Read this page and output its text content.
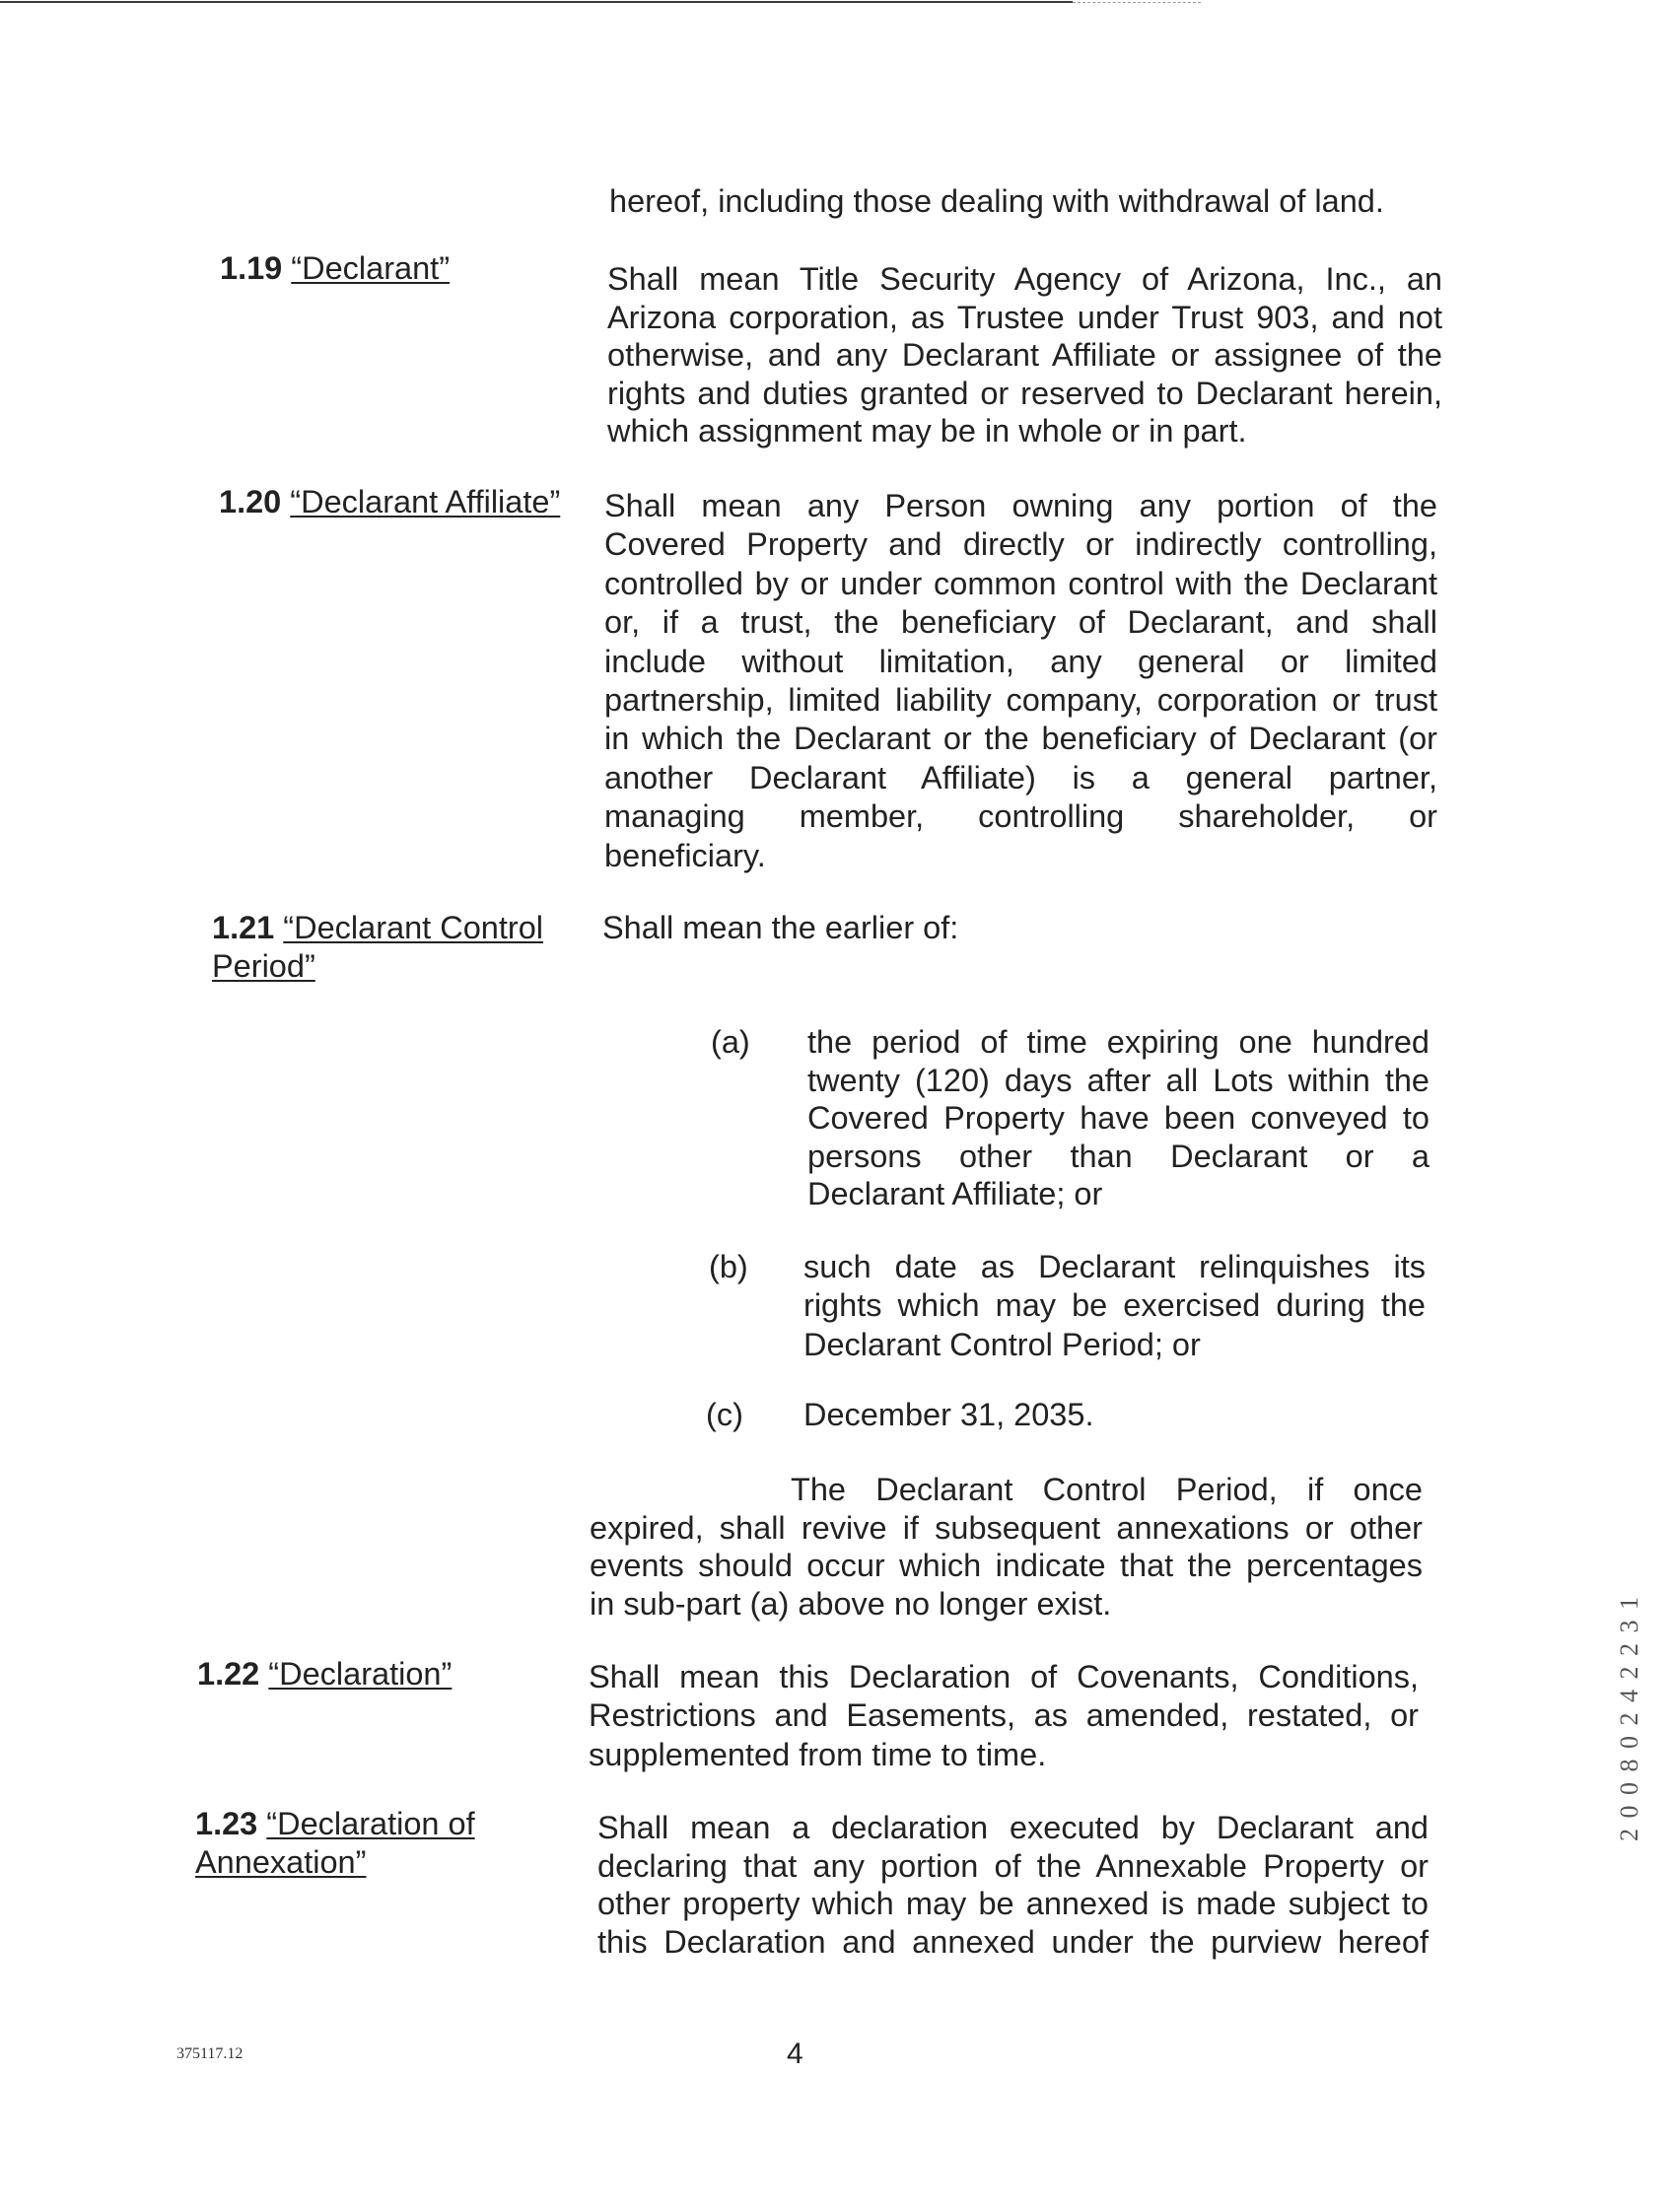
hereof, including those dealing with withdrawal of land.
1.19 “Declarant”	Shall mean Title Security Agency of Arizona, Inc., an
Arizona corporation, as Trustee under Trust 903, and not
otherwise, and any Declarant Affiliate or assignee of the
rights and duties granted or reserved to Declarant herein,
which assignment may be in whole or in part.
1.20 “Declarant Affiliate” Shall mean any Person owning any portion of the
Covered Property and directly or indirectly controlling,
controlled by or under common control with the Declarant
or, if a trust, the beneficiary of Declarant, and shall
include without limitation, any general or limited
partnership, limited liability company, corporation or trust
in which the Declarant or the beneficiary of Declarant (or
another Declarant Affiliate) is a general partner,
managing member, controlling shareholder, or
beneficiary.
1.21 “Declarant Control
Period”
Shall mean the earlier of:
(a) the period of time expiring one hundred
twenty (120) days after all Lots within the
Covered Property have been conveyed to
persons other than Declarant or a
Declarant Affiliate; or
(b) such date as Declarant relinquishes its
rights which may be exercised during the
Declarant Control Period; or
(c) December 31, 2035.
The Declarant Control Period, if once
expired, shall revive if subsequent annexations or other
events should occur which indicate that the percentages
in sub-part (a) above no longer exist.
1.22 “Declaration”	Shall mean this Declaration of Covenants, Conditions,
Restrictions and Easements, as amended, restated, or
supplemented from time to time.
1.23 “Declaration of
Annexation”
Shall mean a declaration executed by Declarant and
declaring that any portion of the Annexable Property or
other property which may be annexed is made subject to
this Declaration and annexed under the purview hereof
375117.12	4
20080242231
